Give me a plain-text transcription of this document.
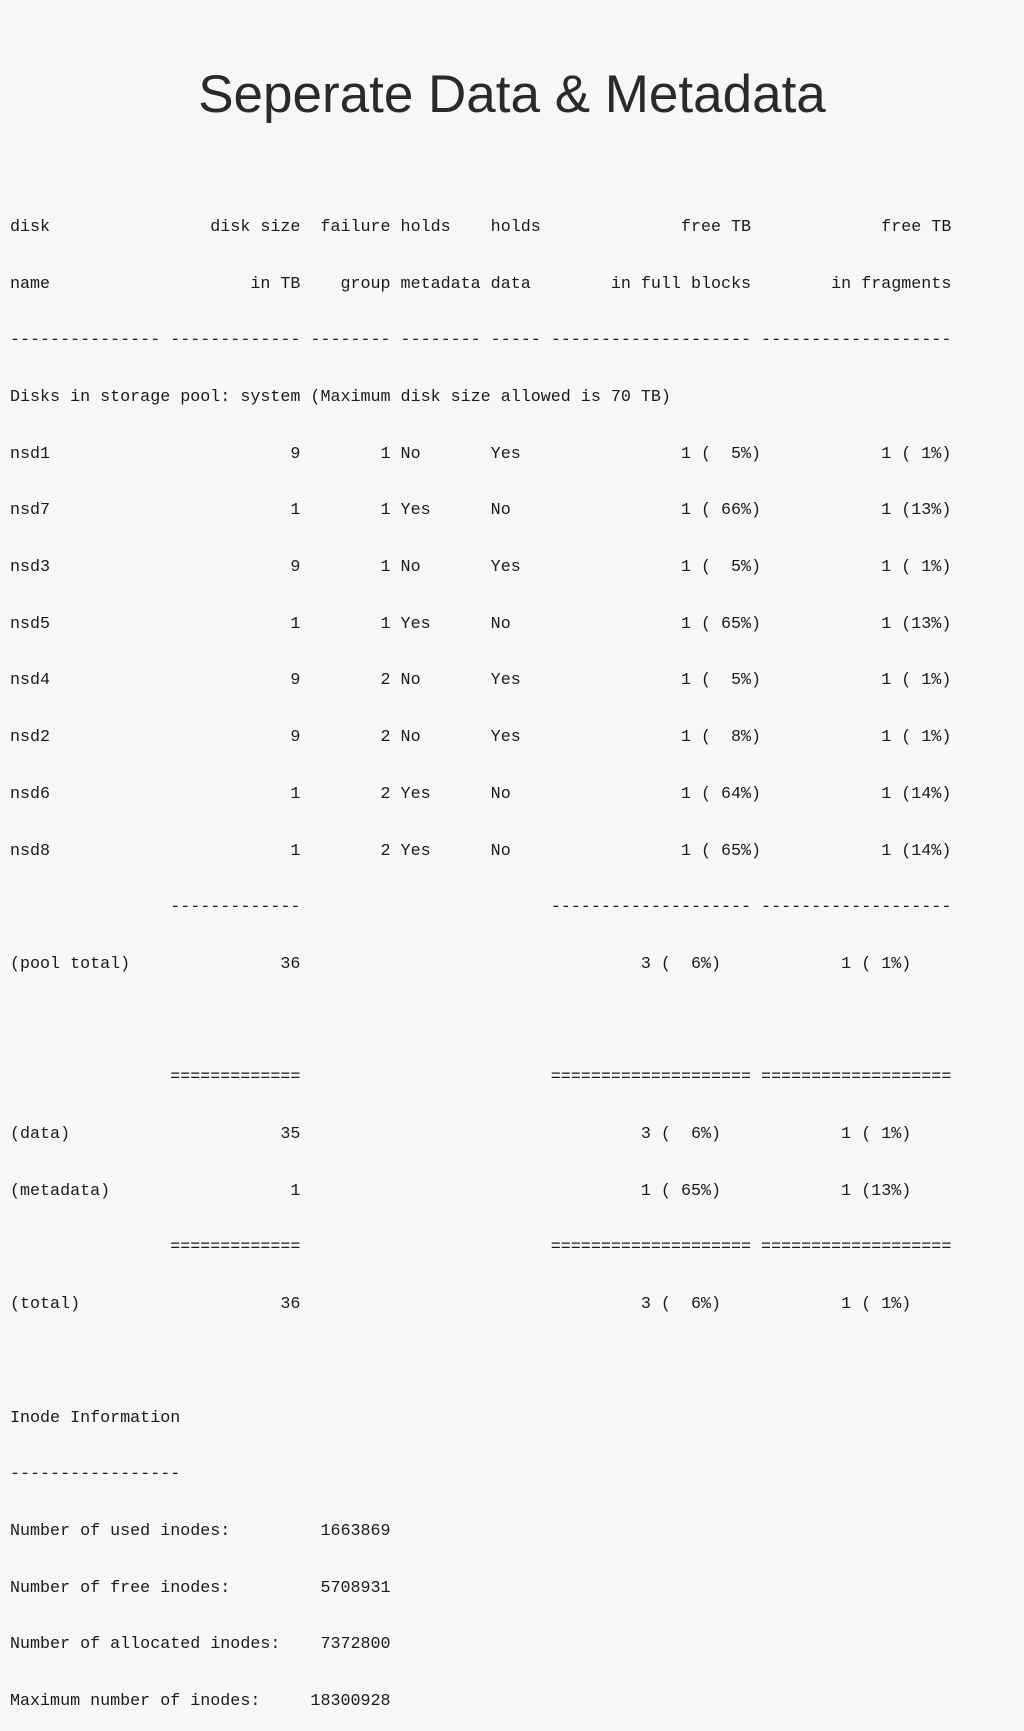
Seperate Data & Metadata

disk                disk size  failure holds    holds              free TB             free TB

name                    in TB    group metadata data        in full blocks        in fragments

--------------- ------------- -------- -------- ----- -------------------- -------------------

Disks in storage pool: system (Maximum disk size allowed is 70 TB)

nsd1                        9        1 No       Yes                1 (  5%)            1 ( 1%)

nsd7                        1        1 Yes      No                 1 ( 66%)            1 (13%)

nsd3                        9        1 No       Yes                1 (  5%)            1 ( 1%)

nsd5                        1        1 Yes      No                 1 ( 65%)            1 (13%)

nsd4                        9        2 No       Yes                1 (  5%)            1 ( 1%)

nsd2                        9        2 No       Yes                1 (  8%)            1 ( 1%)

nsd6                        1        2 Yes      No                 1 ( 64%)            1 (14%)

nsd8                        1        2 Yes      No                 1 ( 65%)            1 (14%)

-------------                         -------------------- -------------------

(pool total)               36                                  3 (  6%)            1 ( 1%)

=============                         ==================== ===================

(data)                     35                                  3 (  6%)            1 ( 1%)

(metadata)                  1                                  1 ( 65%)            1 (13%)

=============                         ==================== ===================

(total)                    36                                  3 (  6%)            1 ( 1%)

Inode Information

-----------------

Number of used inodes:         1663869

Number of free inodes:         5708931

Number of allocated inodes:    7372800

Maximum number of inodes:     18300928
